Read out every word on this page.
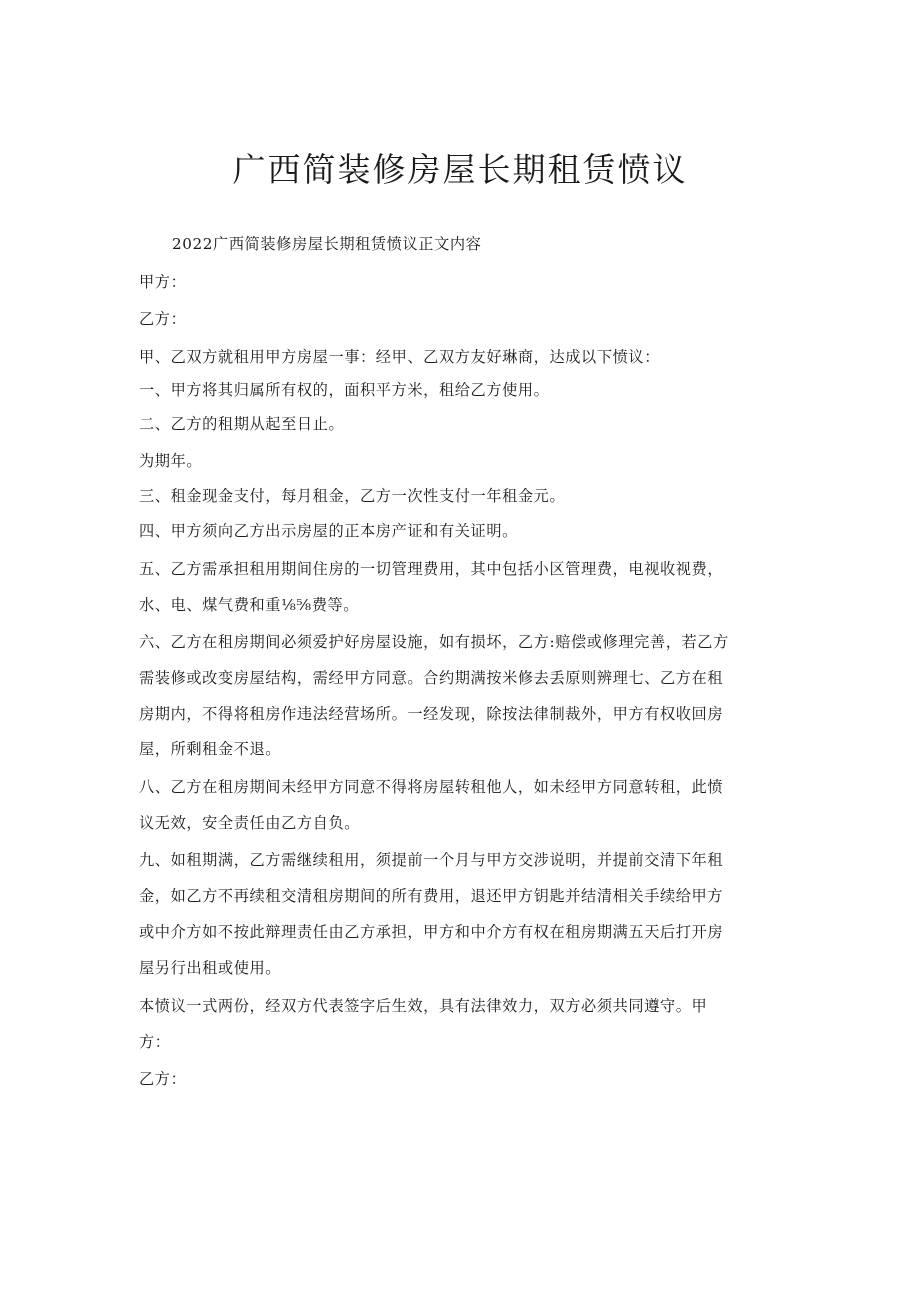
广西简装修房屋长期租赁愤议

2022广西简装修房屋长期租赁愤议正文内容

甲方：

乙方：

甲、乙双方就租用甲方房屋一事：经甲、乙双方友好琳商，达成以下愤议：

一、甲方将其归属所有权的，面积平方米，租给乙方使用。

二、乙方的租期从起至日止。

为期年。

三、租金现金支付，每月租金，乙方一次性支付一年租金元。

四、甲方须向乙方出示房屋的正本房产证和有关证明。

五、乙方需承担租用期间住房的一切管理费用，其中包括小区管理费，电视收视费，

水、电、煤气费和重⅛⅝费等。

六、乙方在租房期间必须爱护好房屋设施，如有损坏，乙方:赔偿或修理完善，若乙方

需装修或改变房屋结构，需经甲方同意。合约期满按米修去丢原则辨理七、乙方在租

房期内，不得将租房作违法经营场所。一经发现，除按法律制裁外，甲方有权收回房

屋，所剩租金不退。

八、乙方在租房期间未经甲方同意不得将房屋转租他人，如未经甲方同意转租，此愤

议无效，安全责任由乙方自负。

九、如租期满，乙方需继续租用，须提前一个月与甲方交涉说明，并提前交清下年租

金，如乙方不再续租交清租房期间的所有费用，退还甲方钥匙并结清相关手续给甲方

或中介方如不按此辩理责任由乙方承担，甲方和中介方有权在租房期满五天后打开房

屋另行出租或使用。

本愤议一式两份，经双方代表签字后生效，具有法律效力，双方必须共同遵守。甲

方：

乙方：
